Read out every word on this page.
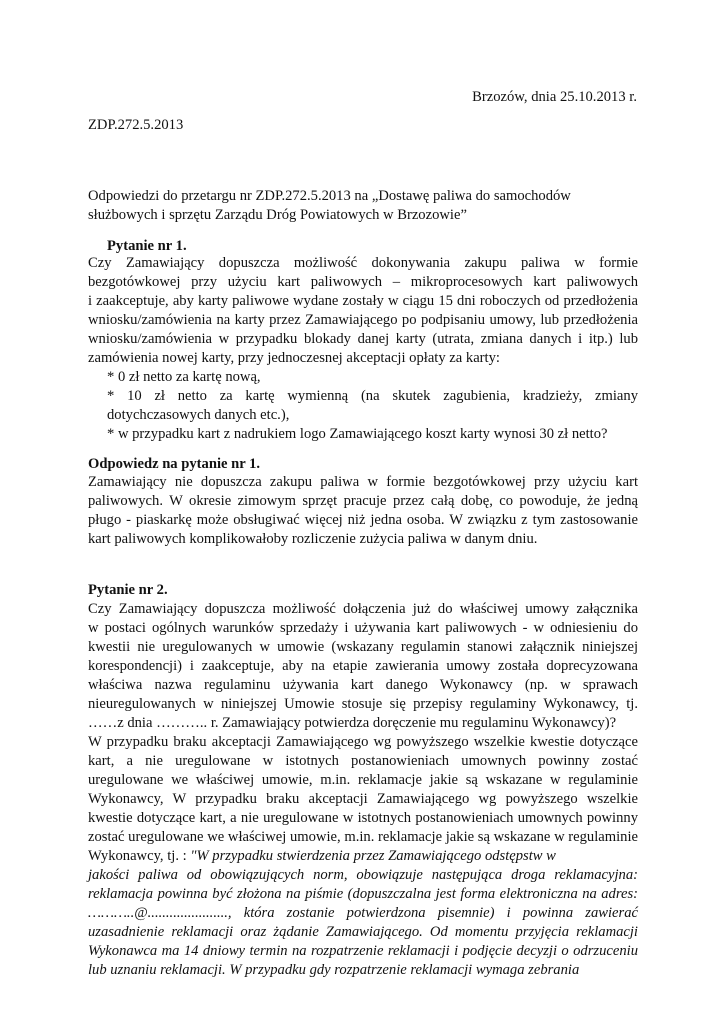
Brzozów, dnia 25.10.2013 r.
ZDP.272.5.2013
Odpowiedzi do przetargu nr ZDP.272.5.2013 na „Dostawę paliwa do samochodów
służbowych i sprzętu Zarządu Dróg Powiatowych w Brzozowie”
Pytanie nr 1.
Czy Zamawiający dopuszcza możliwość dokonywania zakupu paliwa w formie
bezgotówkowej przy użyciu kart paliwowych – mikroprocesowych kart paliwowych
i zaakceptuje, aby karty paliwowe wydane zostały w ciągu 15 dni roboczych od przedłożenia
wniosku/zamówienia na karty przez Zamawiającego po podpisaniu umowy, lub przedłożenia
wniosku/zamówienia w przypadku blokady danej karty (utrata, zmiana danych i itp.) lub
zamówienia nowej karty, przy jednoczesnej akceptacji opłaty za karty:
* 0 zł netto za kartę nową,
* 10 zł netto za kartę wymienną (na skutek zagubienia, kradzieży, zmiany
dotychczasowych danych etc.),
* w przypadku kart z nadrukiem logo Zamawiającego koszt karty wynosi 30 zł netto?
Odpowiedz na pytanie nr 1.
Zamawiający nie dopuszcza zakupu paliwa w formie bezgotówkowej przy użyciu kart
paliwowych. W okresie zimowym sprzęt pracuje przez całą dobę, co powoduje, że jedną
pługo - piaskarkę może obsługiwać więcej niż jedna osoba. W związku z tym zastosowanie
kart paliwowych komplikowałoby rozliczenie zużycia paliwa w danym dniu.
Pytanie nr 2.
Czy Zamawiający dopuszcza możliwość dołączenia już do właściwej umowy załącznika
w postaci ogólnych warunków sprzedaży i używania kart paliwowych - w odniesieniu do
kwestii nie uregulowanych w umowie (wskazany regulamin stanowi załącznik niniejszej
korespondencji) i zaakceptuje, aby na etapie zawierania umowy została doprecyzowana
właściwa nazwa regulaminu używania kart danego Wykonawcy (np. w sprawach
nieuregulowanych w niniejszej Umowie stosuje się przepisy regulaminy Wykonawcy, tj.
……z dnia ……….. r. Zamawiający potwierdza doręczenie mu regulaminu Wykonawcy)?
W przypadku braku akceptacji Zamawiającego wg powyższego wszelkie kwestie dotyczące
kart, a nie uregulowane w istotnych postanowieniach umownych powinny zostać
uregulowane we właściwej umowie, m.in. reklamacje jakie są wskazane w regulaminie
Wykonawcy, W przypadku braku akceptacji Zamawiającego wg powyższego wszelkie
kwestie dotyczące kart, a nie uregulowane w istotnych postanowieniach umownych powinny
zostać uregulowane we właściwej umowie, m.in. reklamacje jakie są wskazane w regulaminie
Wykonawcy, tj. : "W przypadku stwierdzenia przez Zamawiającego odstępstw w
jakości paliwa od obowiązujących norm, obowiązuje następująca droga reklamacyjna:
reklamacja powinna być złożona na piśmie (dopuszczalna jest forma elektroniczna na adres:
………..@......................, która zostanie potwierdzona pisemnie) i powinna zawierać
uzasadnienie reklamacji oraz żądanie Zamawiającego. Od momentu przyjęcia reklamacji
Wykonawca ma 14 dniowy termin na rozpatrzenie reklamacji i podjęcie decyzji o odrzuceniu
lub uznaniu reklamacji. W przypadku gdy rozpatrzenie reklamacji wymaga zebrania
